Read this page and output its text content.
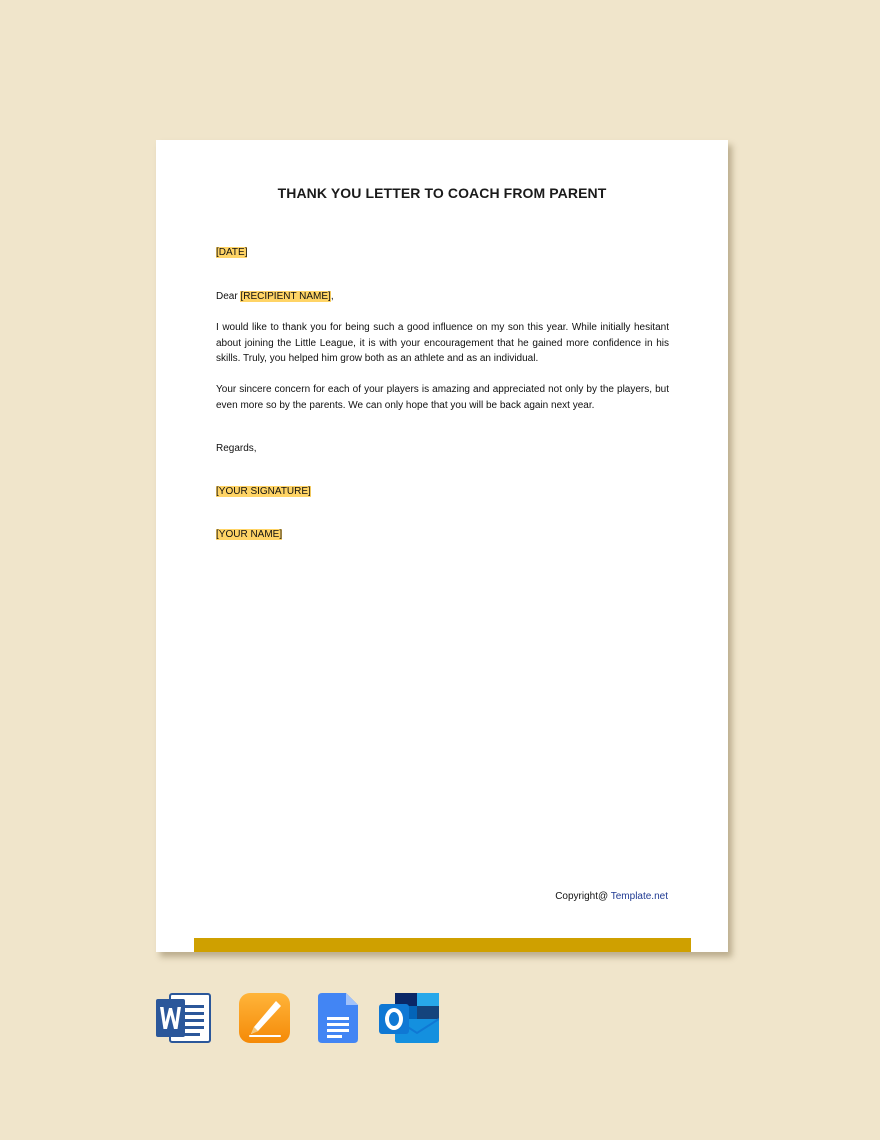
THANK YOU LETTER TO COACH FROM PARENT
[DATE]
Dear [RECIPIENT NAME],
I would like to thank you for being such a good influence on my son this year. While initially hesitant about joining the Little League, it is with your encouragement that he gained more confidence in his skills. Truly, you helped him grow both as an athlete and as an individual.
Your sincere concern for each of your players is amazing and appreciated not only by the players, but even more so by the parents. We can only hope that you will be back again next year.
Regards,
[YOUR SIGNATURE]
[YOUR NAME]
Copyright@ Template.net
